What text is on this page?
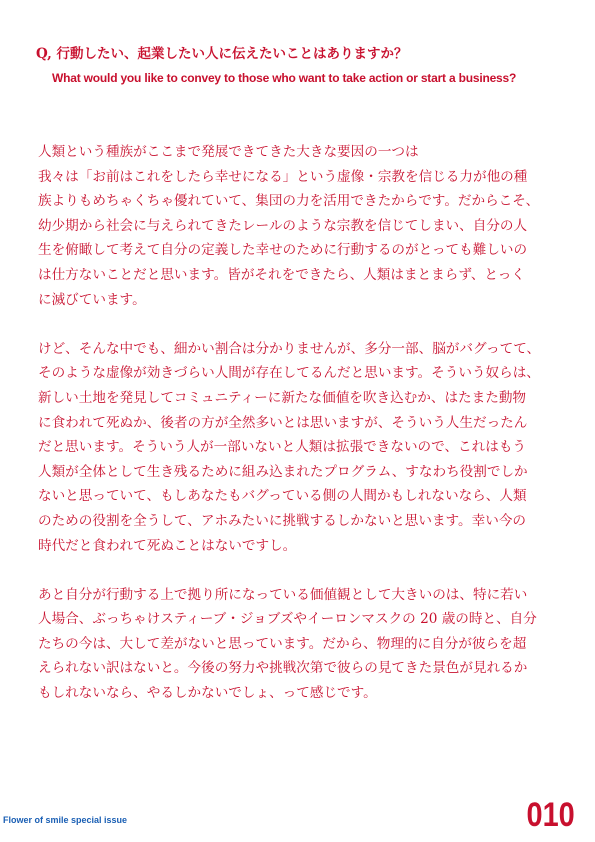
Q, 行動したい、起業したい人に伝えたいことはありますか？
What would you like to convey to those who want to take action or start a business?

人類という種族がここまで発展できてきた大きな要因の一つは
我々は「お前はこれをしたら幸せになる」という虚像・宗教を信じる力が他の種
族よりもめちゃくちゃ優れていて、集団の力を活用できたからです。だからこそ、
幼少期から社会に与えられてきたレールのような宗教を信じてしまい、自分の人
生を俯瞰して考えて自分の定義した幸せのために行動するのがとっても難しいの
は仕方ないことだと思います。皆がそれをできたら、人類はまとまらず、とっく
に滅びています。

けど、そんな中でも、細かい割合は分かりませんが、多分一部、脳がバグってて、
そのような虚像が効きづらい人間が存在してるんだと思います。そういう奴らは、
新しい土地を発見してコミュニティーに新たな価値を吹き込むか、はたまた動物
に食われて死ぬか、後者の方が全然多いとは思いますが、そういう人生だったん
だと思います。そういう人が一部いないと人類は拡張できないので、これはもう
人類が全体として生き残るために組み込まれたプログラム、すなわち役割でしか
ないと思っていて、もしあなたもバグっている側の人間かもしれないなら、人類
のための役割を全うして、アホみたいに挑戦するしかないと思います。幸い今の
時代だと食われて死ぬことはないですし。

あと自分が行動する上で拠り所になっている価値観として大きいのは、特に若い
人場合、ぶっちゃけスティーブ・ジョブズやイーロンマスクの 20 歳の時と、自分
たちの今は、大して差がないと思っています。だから、物理的に自分が彼らを超
えられない訳はないと。今後の努力や挑戦次第で彼らの見てきた景色が見れるか
もしれないなら、やるしかないでしょ、って感じです。

Flower of smile special issue	010
